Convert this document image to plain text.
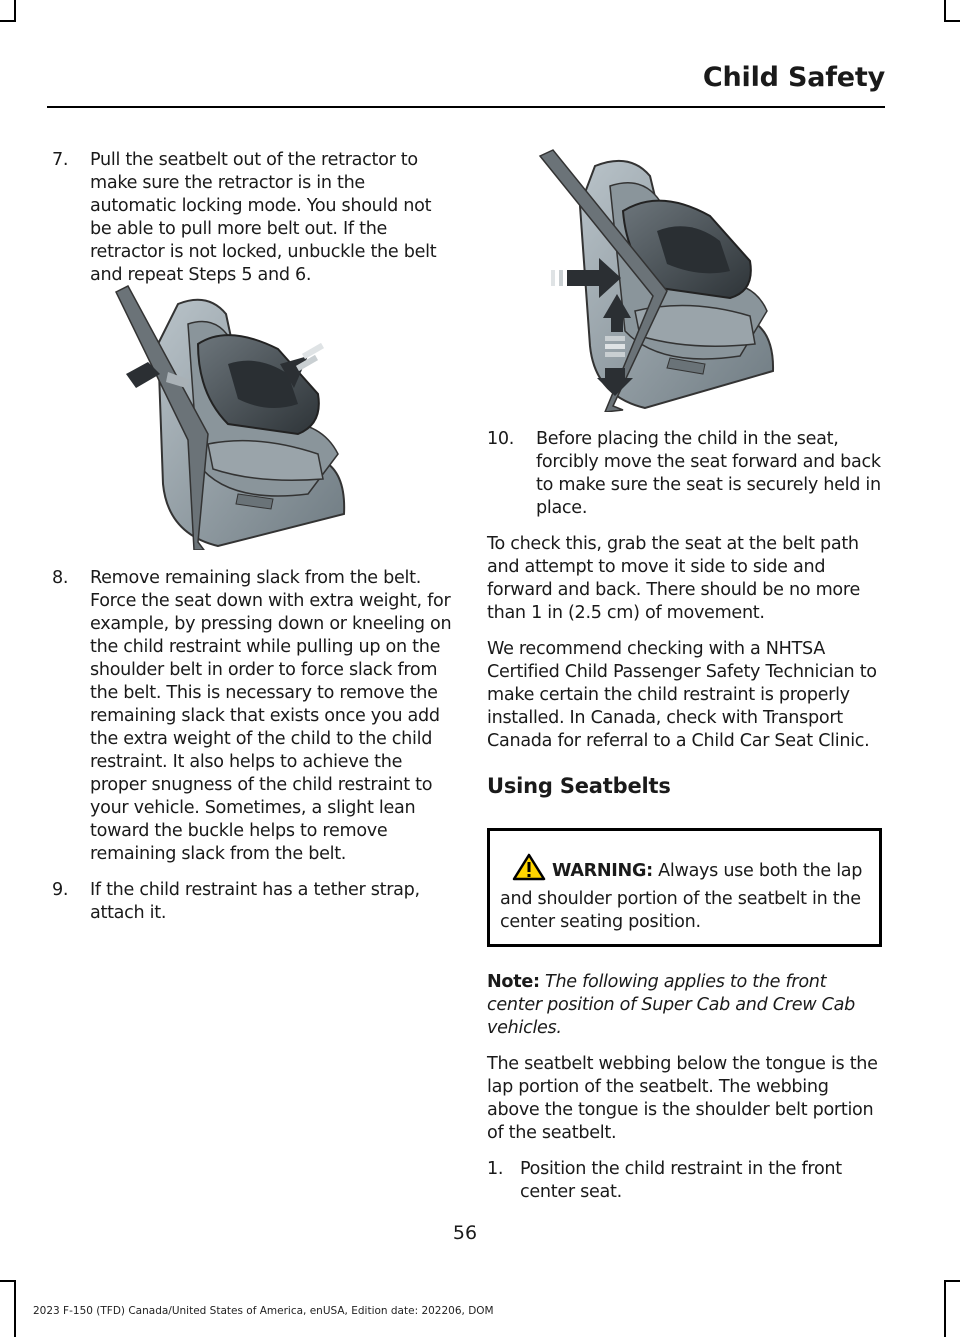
Child Safety
7. Pull the seatbelt out of the retractor to make sure the retractor is in the automatic locking mode. You should not be able to pull more belt out. If the retractor is not locked, unbuckle the belt and repeat Steps 5 and 6.
8. Remove remaining slack from the belt. Force the seat down with extra weight, for example, by pressing down or kneeling on the child restraint while pulling up on the shoulder belt in order to force slack from the belt. This is necessary to remove the remaining slack that exists once you add the extra weight of the child to the child restraint. It also helps to achieve the proper snugness of the child restraint to your vehicle. Sometimes, a slight lean toward the buckle helps to remove remaining slack from the belt.
9. If the child restraint has a tether strap, attach it.
10. Before placing the child in the seat, forcibly move the seat forward and back to make sure the seat is securely held in place.

To check this, grab the seat at the belt path and attempt to move it side to side and forward and back. There should be no more than 1 in (2.5 cm) of movement.

We recommend checking with a NHTSA Certified Child Passenger Safety Technician to make certain the child restraint is properly installed. In Canada, check with Transport Canada for referral to a Child Car Seat Clinic.

Using Seatbelts
WARNING: Always use both the lap and shoulder portion of the seatbelt in the center seating position.

Note: The following applies to the front center position of Super Cab and Crew Cab vehicles.

The seatbelt webbing below the tongue is the lap portion of the seatbelt. The webbing above the tongue is the shoulder belt portion of the seatbelt.

1. Position the child restraint in the front center seat.
56
2023 F-150 (TFD) Canada/United States of America, enUSA, Edition date: 202206, DOM
